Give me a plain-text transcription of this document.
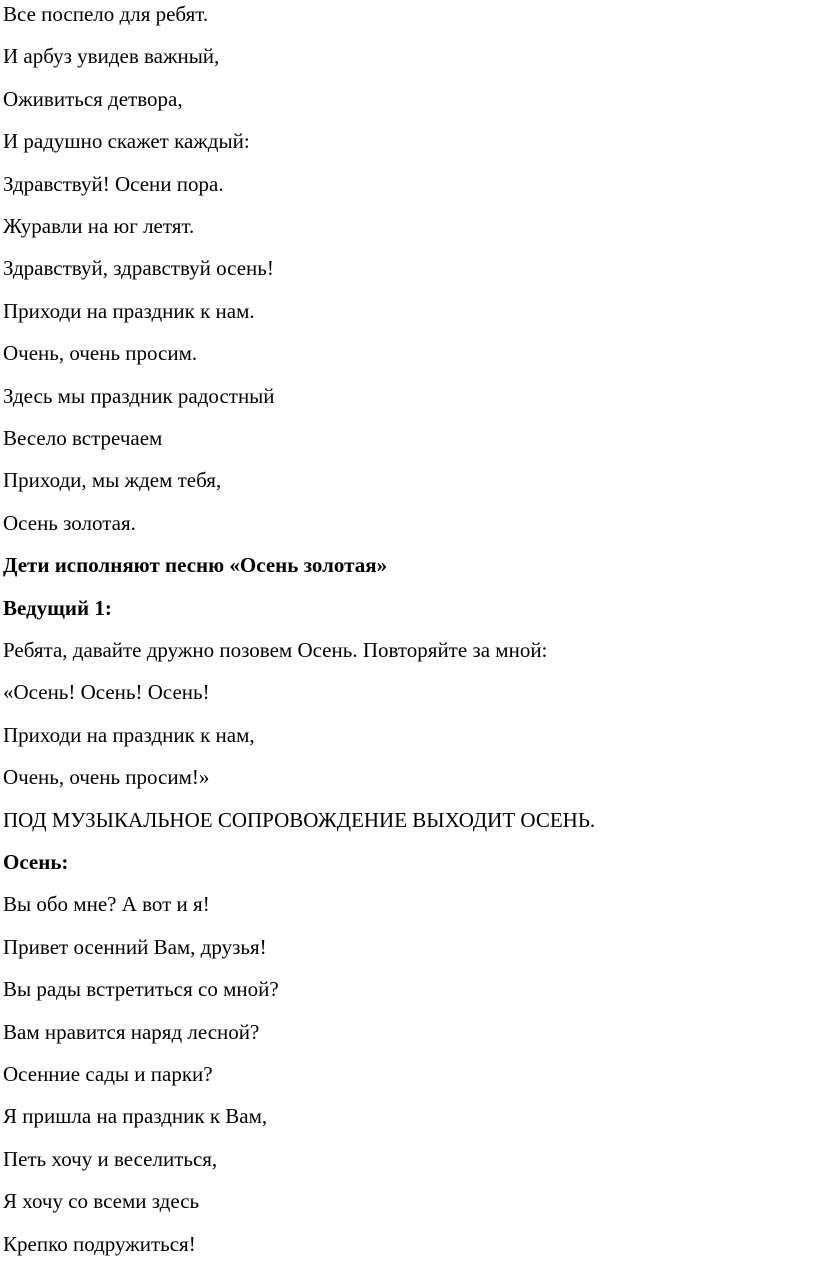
Все поспело для ребят.
И арбуз увидев важный,
Оживиться детвора,
И радушно скажет каждый:
Здравствуй! Осени пора.
Журавли на юг летят.
Здравствуй, здравствуй осень!
Приходи на праздник к нам.
Очень, очень просим.
Здесь мы праздник радостный
Весело встречаем
Приходи, мы ждем тебя,
Осень золотая.
Дети исполняют песню «Осень золотая»
Ведущий 1:
Ребята, давайте дружно позовем Осень. Повторяйте за мной:
«Осень! Осень! Осень!
Приходи на праздник к нам,
Очень, очень просим!»
ПОД МУЗЫКАЛЬНОЕ СОПРОВОЖДЕНИЕ ВЫХОДИТ ОСЕНЬ.
Осень:
Вы обо мне? А вот и я!
Привет осенний Вам, друзья!
Вы рады встретиться со мной?
Вам нравится наряд лесной?
Осенние сады и парки?
Я пришла на праздник к Вам,
Петь хочу и веселиться,
Я хочу со всеми здесь
Крепко подружиться!
